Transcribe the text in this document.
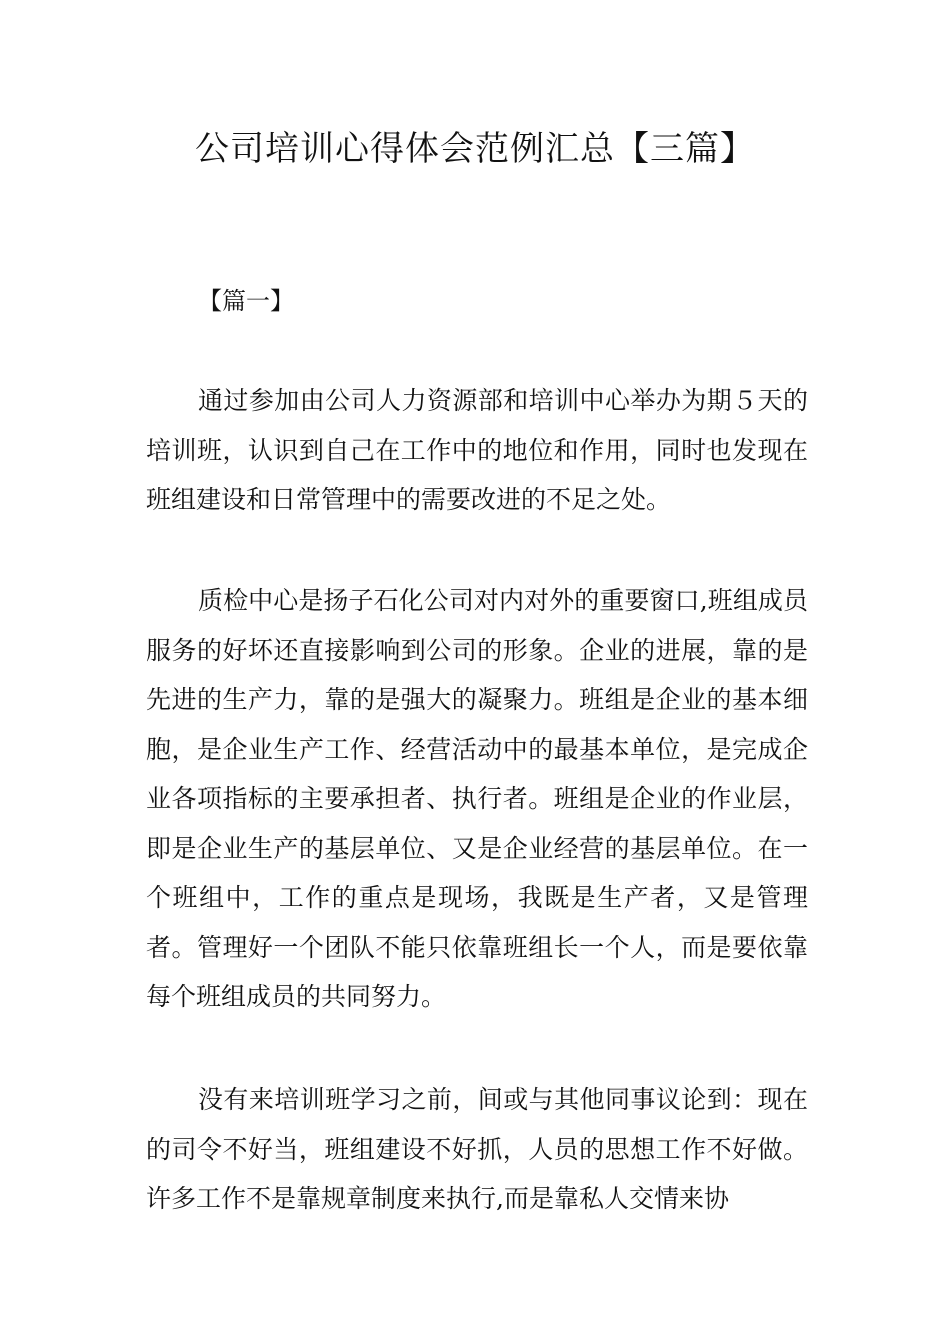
公司培训心得体会范例汇总【三篇】
【篇一】

通过参加由公司人力资源部和培训中心举办为期５天的培训班，认识到自己在工作中的地位和作用，同时也发现在班组建设和日常管理中的需要改进的不足之处。

质检中心是扬子石化公司对内对外的重要窗口,班组成员服务的好坏还直接影响到公司的形象。企业的进展，靠的是先进的生产力，靠的是强大的凝聚力。班组是企业的基本细胞，是企业生产工作、经营活动中的最基本单位，是完成企业各项指标的主要承担者、执行者。班组是企业的作业层，即是企业生产的基层单位、又是企业经营的基层单位。在一个班组中，工作的重点是现场，我既是生产者，又是管理者。管理好一个团队不能只依靠班组长一个人，而是要依靠每个班组成员的共同努力。

没有来培训班学习之前，间或与其他同事议论到：现在的司令不好当，班组建设不好抓，人员的思想工作不好做。许多工作不是靠规章制度来执行,而是靠私人交情来协
